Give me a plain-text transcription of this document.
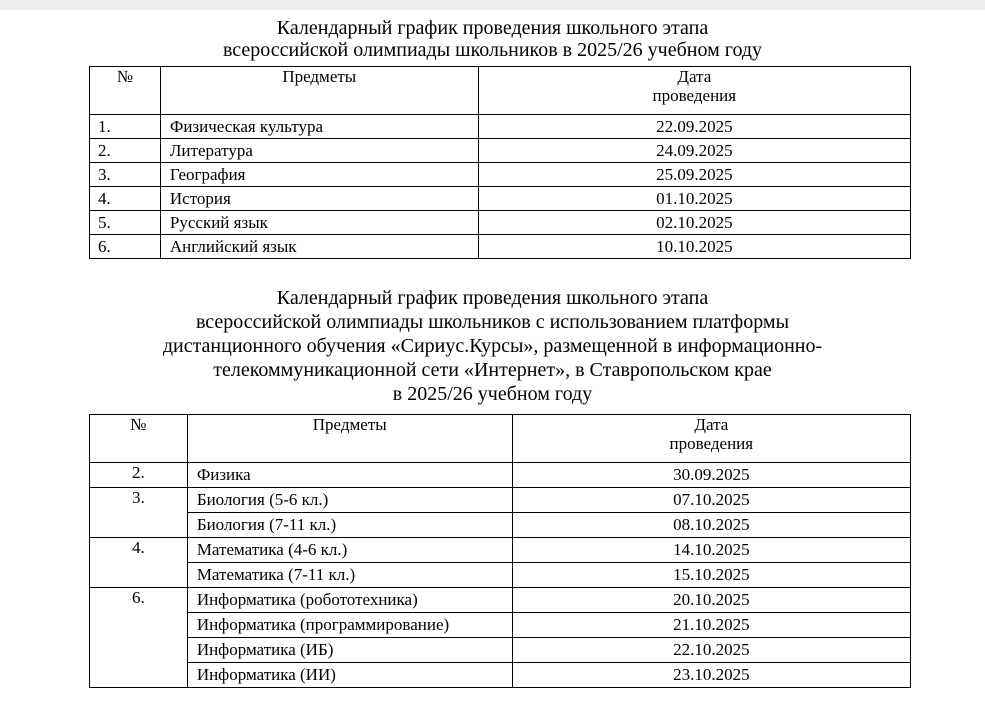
Календарный график проведения школьного этапа
всероссийской олимпиады школьников в 2025/26 учебном году
№	Предметы	Дата
проведения

1.	Физическая культура	22.09.2025
2.	Литература	24.09.2025
3.	География	25.09.2025
4.	История	01.10.2025
5.	Русский язык	02.10.2025
6.	Английский язык	10.10.2025
Календарный график проведения школьного этапа
всероссийской олимпиады школьников с использованием платформы
дистанционного обучения «Сириус.Курсы», размещенной в информационно-
телекоммуникационной сети «Интернет», в Ставропольском крае
в 2025/26 учебном году
№	Предметы	Дата
проведения

2.	Физика	30.09.2025
3.	Биология (5-6 кл.)	07.10.2025
	Биология (7-11 кл.)	08.10.2025
4.	Математика (4-6 кл.)	14.10.2025
	Математика (7-11 кл.)	15.10.2025
6.	Информатика (робототехника)	20.10.2025
	Информатика (программирование)	21.10.2025
	Информатика (ИБ)	22.10.2025
	Информатика (ИИ)	23.10.2025
